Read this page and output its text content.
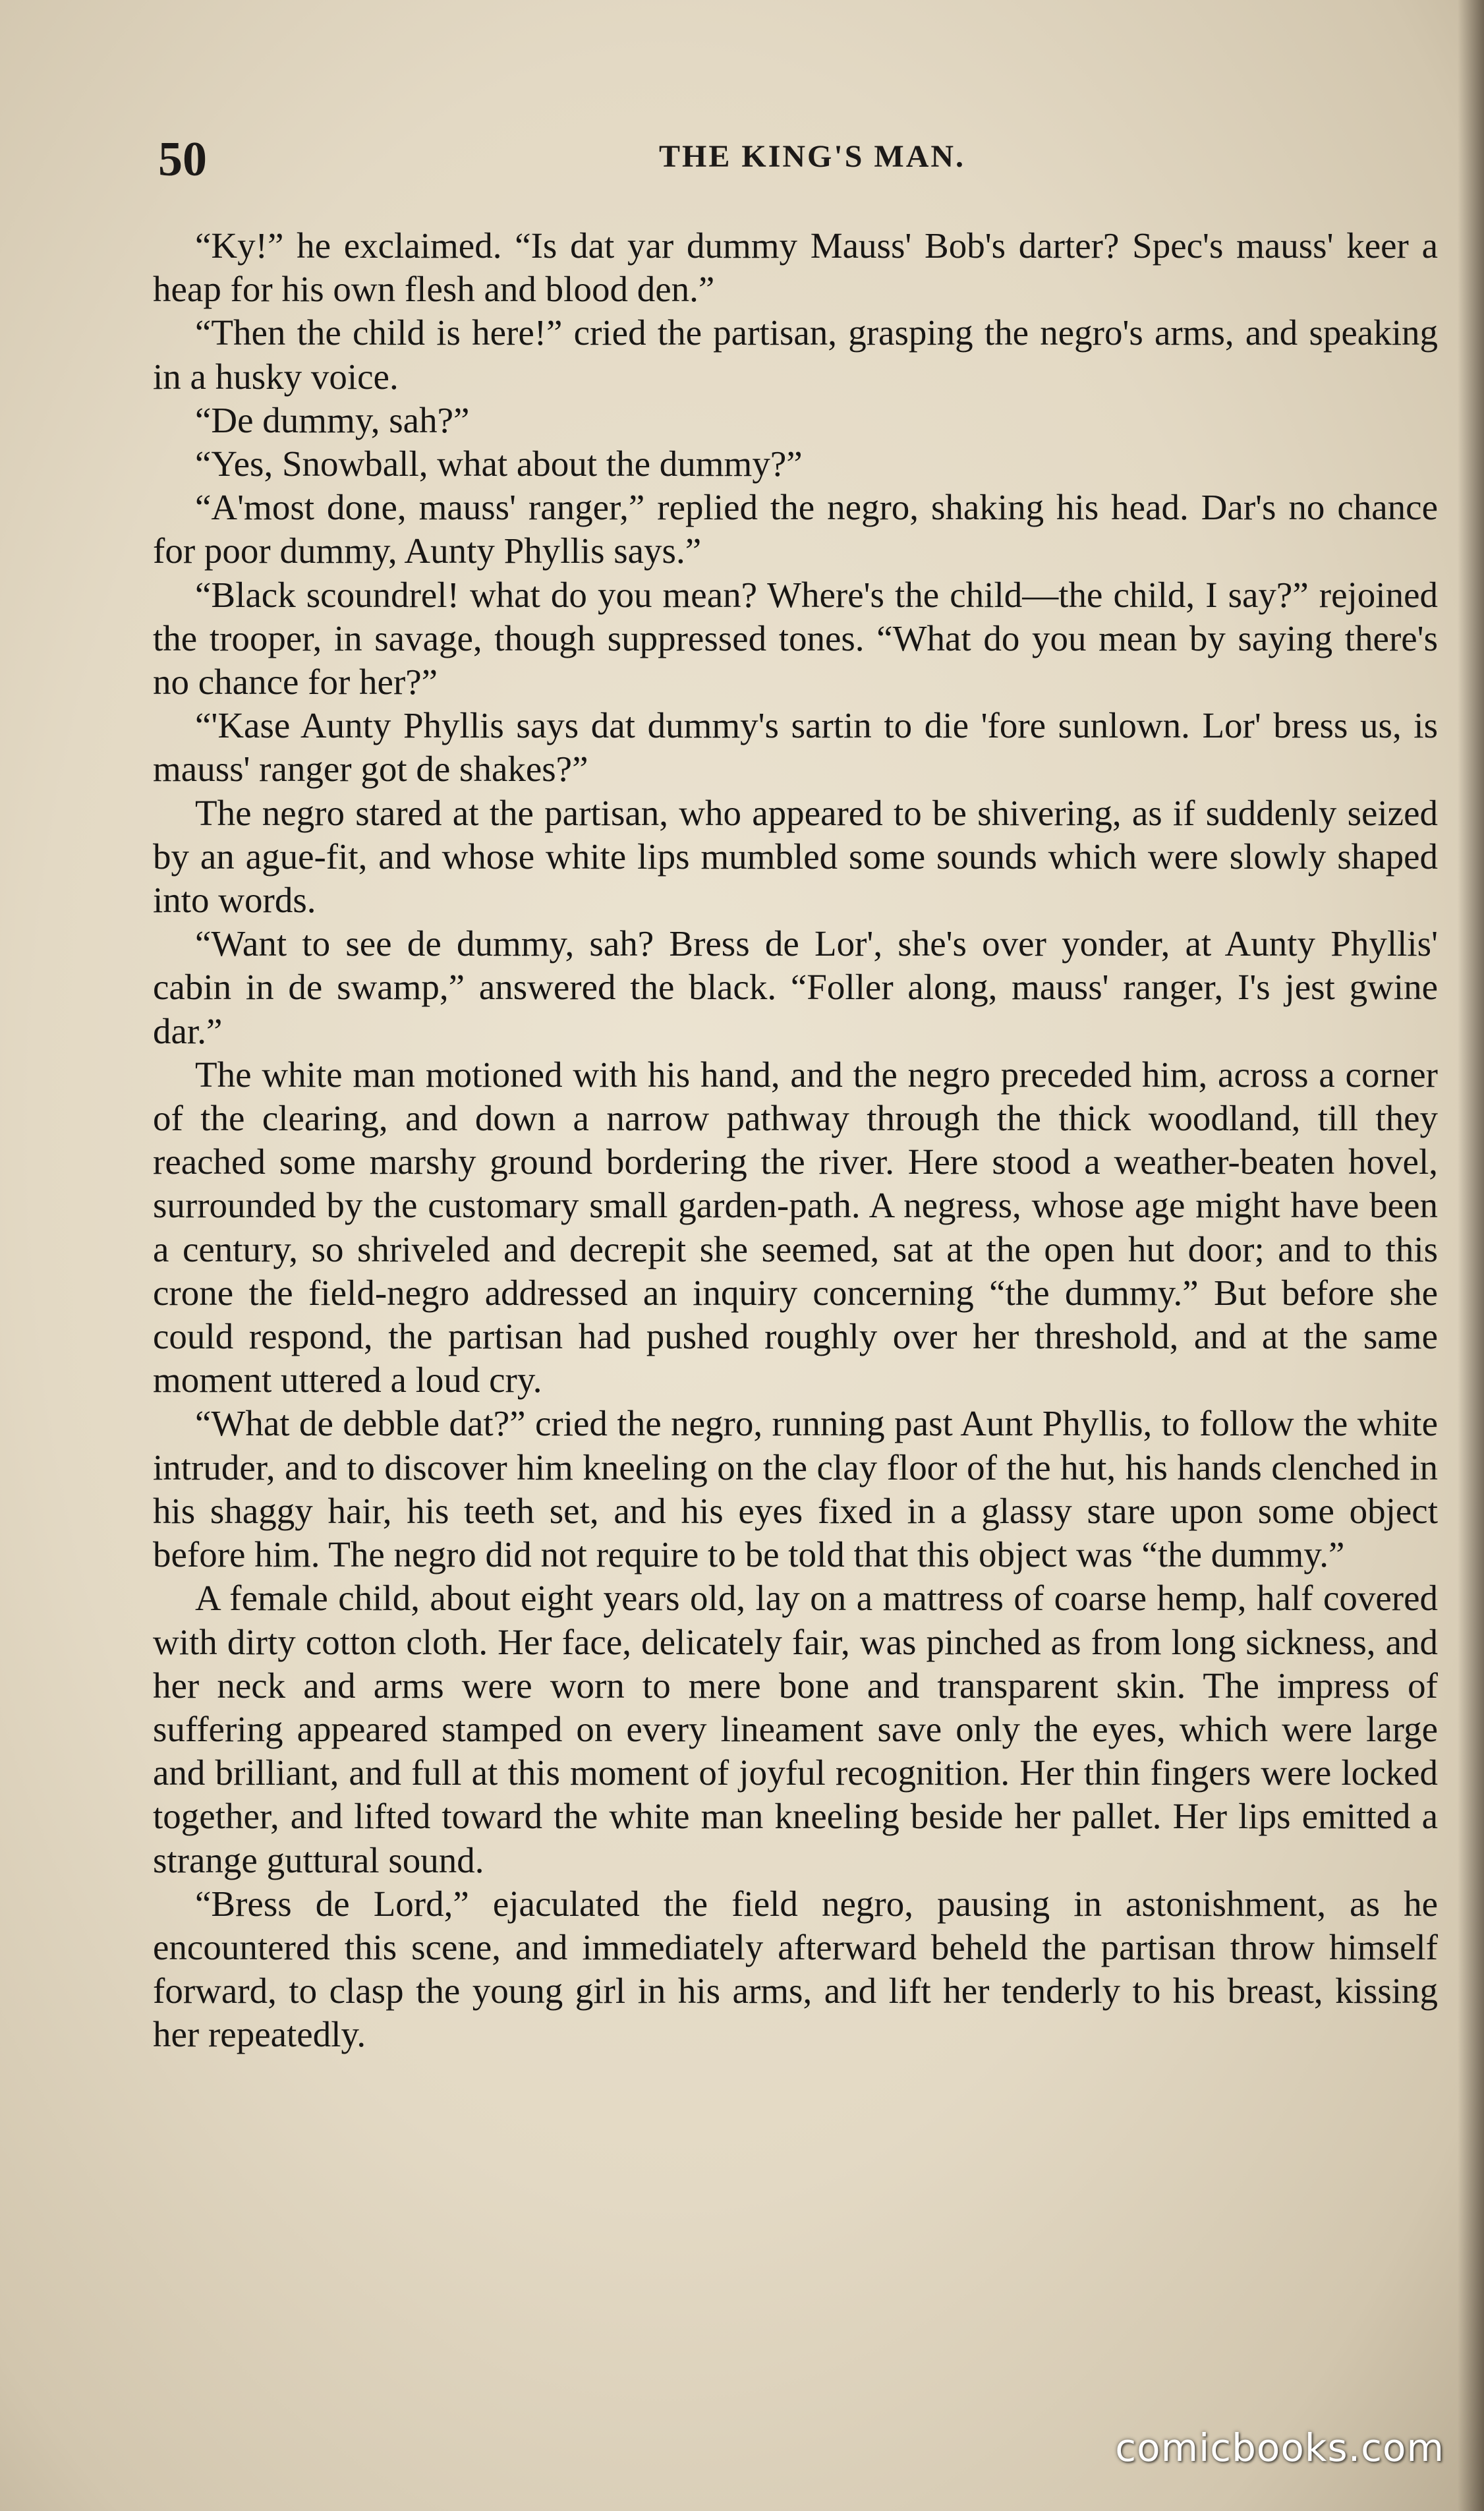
50	THE KING'S MAN.

“Ky!” he exclaimed. “Is dat yar dummy Mauss' Bob's darter? Spec's mauss' keer a heap for his own flesh and blood den.”

“Then the child is here!” cried the partisan, grasping the negro's arms, and speaking in a husky voice.

“De dummy, sah?”

“Yes, Snowball, what about the dummy?”

“A'most done, mauss' ranger,” replied the negro, shaking his head. Dar's no chance for poor dummy, Aunty Phyllis says.”

“Black scoundrel! what do you mean? Where's the child—the child, I say?” rejoined the trooper, in savage, though suppressed tones. “What do you mean by saying there's no chance for her?”

“'Kase Aunty Phyllis says dat dummy's sartin to die 'fore sunlown. Lor' bress us, is mauss' ranger got de shakes?”

The negro stared at the partisan, who appeared to be shivering, as if suddenly seized by an ague-fit, and whose white lips mumbled some sounds which were slowly shaped into words.

“Want to see de dummy, sah? Bress de Lor', she's over yonder, at Aunty Phyllis' cabin in de swamp,” answered the black. “Foller along, mauss' ranger, I's jest gwine dar.”

The white man motioned with his hand, and the negro preceded him, across a corner of the clearing, and down a narrow pathway through the thick woodland, till they reached some marshy ground bordering the river. Here stood a weather-beaten hovel, surrounded by the customary small garden-path. A negress, whose age might have been a century, so shriveled and decrepit she seemed, sat at the open hut door; and to this crone the field-negro addressed an inquiry concerning “the dummy.” But before she could respond, the partisan had pushed roughly over her threshold, and at the same moment uttered a loud cry.

“What de debble dat?” cried the negro, running past Aunt Phyllis, to follow the white intruder, and to discover him kneeling on the clay floor of the hut, his hands clenched in his shaggy hair, his teeth set, and his eyes fixed in a glassy stare upon some object before him. The negro did not require to be told that this object was “the dummy.”

A female child, about eight years old, lay on a mattress of coarse hemp, half covered with dirty cotton cloth. Her face, delicately fair, was pinched as from long sickness, and her neck and arms were worn to mere bone and transparent skin. The impress of suffering appeared stamped on every lineament save only the eyes, which were large and brilliant, and full at this moment of joyful recognition. Her thin fingers were locked together, and lifted toward the white man kneeling beside her pallet. Her lips emitted a strange guttural sound.

“Bress de Lord,” ejaculated the field negro, pausing in astonishment, as he encountered this scene, and immediately afterward beheld the partisan throw himself forward, to clasp the young girl in his arms, and lift her tenderly to his breast, kissing her repeatedly.

comicbooks.com
